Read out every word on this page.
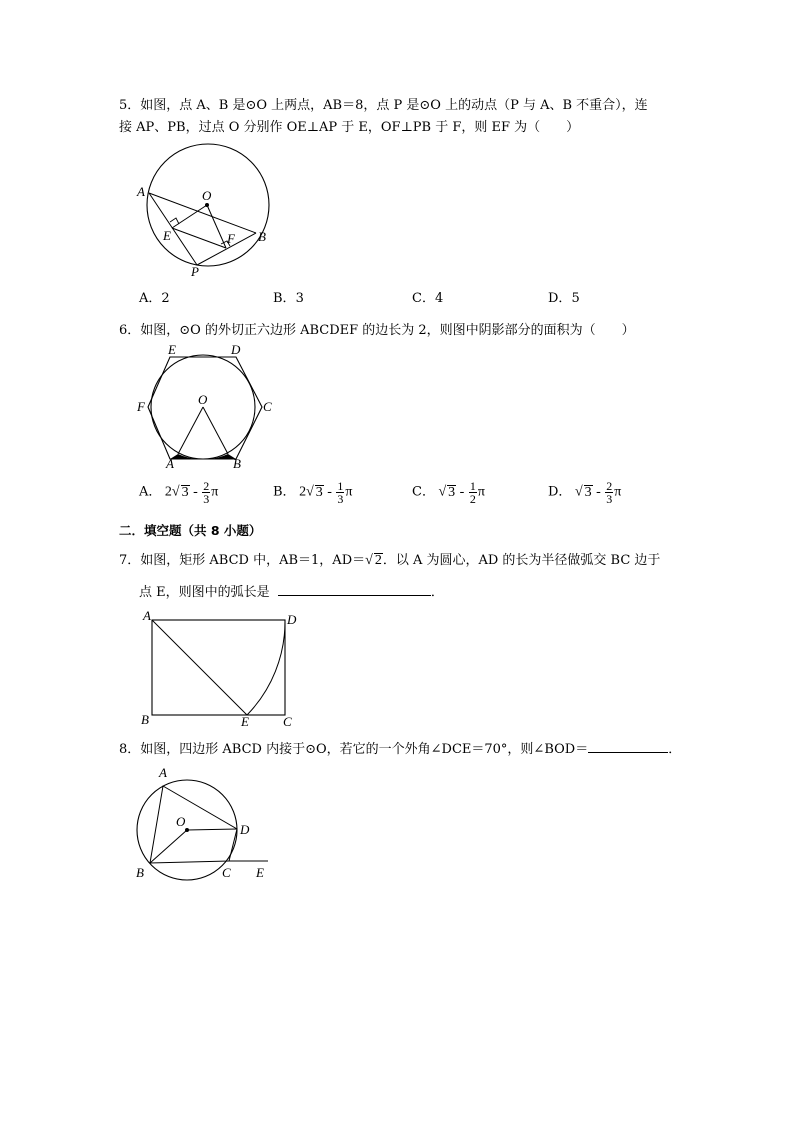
5．如图，点 A、B 是⊙O 上两点，AB＝8，点 P 是⊙O 上的动点（P 与 A、B 不重合），连
接 AP、PB，过点 O 分别作 OE⊥AP 于 E，OF⊥PB 于 F，则 EF 为（　　）
A	O
E	F B
P
A．2	B．3	C．4	D．5
6．如图，⊙O 的外切正六边形 ABCDEF 的边长为 2，则图中阴影部分的面积为（　　）
E	D
F	C
O
A	B
A． 2√ $3 - \frac{2}{3}$ π	B． 2√ $3 - \frac{1}{3}$ π	C． √ $3 - \frac{1}{2}$ π	D． √ $3 - \frac{2}{3}$ π
二．填空题（共 8 小题）
7．如图，矩形 ABCD 中，AB＝1，AD＝√ 2．以 A 为圆心，AD 的长为半径做弧交 BC 边于
点 E，则图中的弧长是	．
A	D
B	E	C
8．如图，四边形 ABCD 内接于⊙O，若它的一个外角∠DCE＝70°，则∠BOD＝	．
A
O
D
B	C E
